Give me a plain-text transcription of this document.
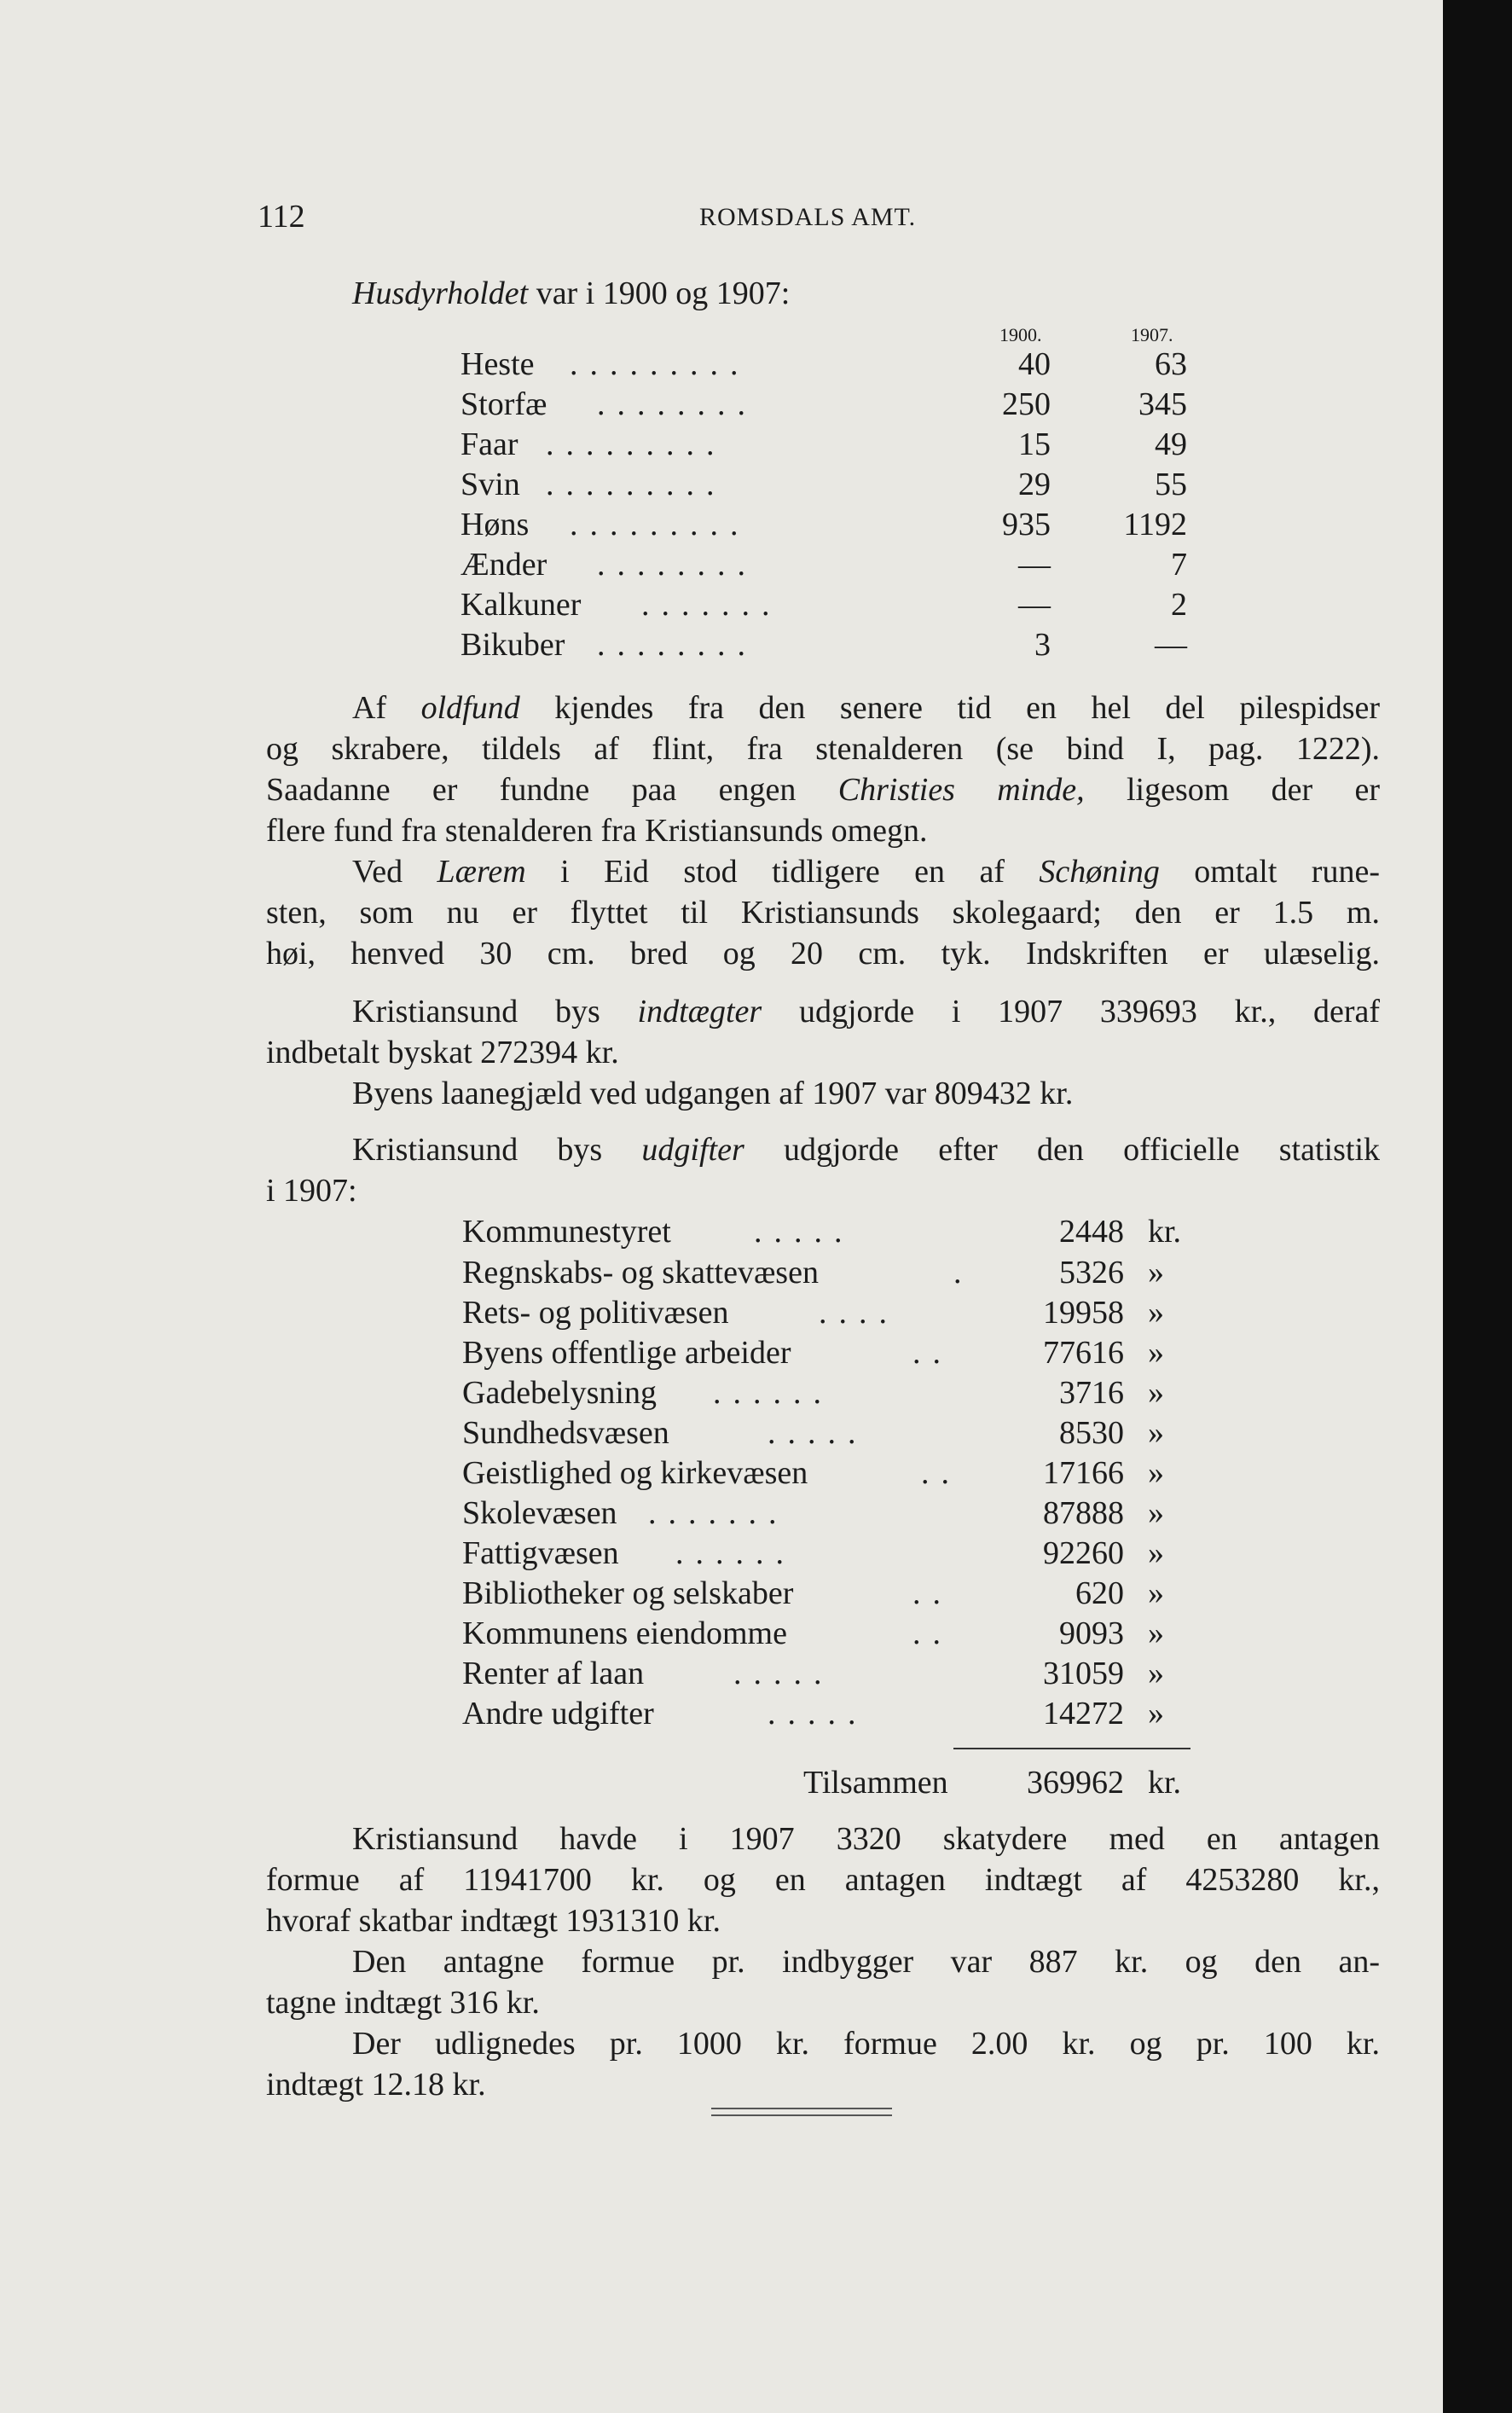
112	ROMSDALS AMT.
Husdyrholdet var i 1900 og 1907:
1900.	1907.
Heste .........	40	63
Storfæ ........	250	345
Faar .........	15	49
Svin .........	29	55
Høns .........	935 1192
Ænder ........	—	7
Kalkuner .......	—	2
Bikuber ........	3	—
Af oldfund kjendes fra den senere tid en hel del pilespidser
og skrabere, tildels af flint, fra stenalderen (se bind I, pag. 1222).
Saadanne er fundne paa engen Christies minde, ligesom der er
flere fund fra stenalderen fra Kristiansunds omegn.
Ved Lærem i Eid stod tidligere en af Schøning omtalt rune-
sten, som nu er flyttet til Kristiansunds skolegaard; den er 1.5 m.
høi, henved 30 cm. bred og 20 cm. tyk. Indskriften er ulæselig.
Kristiansund bys indtægter udgjorde i 1907 339693 kr., deraf
indbetalt byskat 272394 kr.
Byens laanegjæld ved udgangen af 1907 var 809432 kr.
Kristiansund bys udgifter udgjorde efter den officielle statistik
i 1907:
Kommunestyret	.....	2448 kr.
Regnskabs- og skattevæsen	.	5326 »
Rets- og politivæsen	....	19958 »
Byens offentlige arbeider	..	77616 »
Gadebelysning ......	3716 »
Sundhedsvæsen	.....	8530 »
Geistlighed og kirkevæsen	..	17166 »
Skolevæsen .......	87888 »
Fattigvæsen ......	92260 »
Bibliotheker og selskaber	..	620 »
Kommunens eiendomme	..	9093 »
Renter af laan	.....	31059 »
Andre udgifter	.....	14272 »
Tilsammen 369962 kr.
Kristiansund havde i 1907 3320 skatydere med en antagen
formue af 11941700 kr. og en antagen indtægt af 4253280 kr.,
hvoraf skatbar indtægt 1931310 kr.
Den antagne formue pr. indbygger var 887 kr. og den an-
tagne indtægt 316 kr.
Der udlignedes pr. 1000 kr. formue 2.00 kr. og pr. 100 kr.
indtægt 12.18 kr.
